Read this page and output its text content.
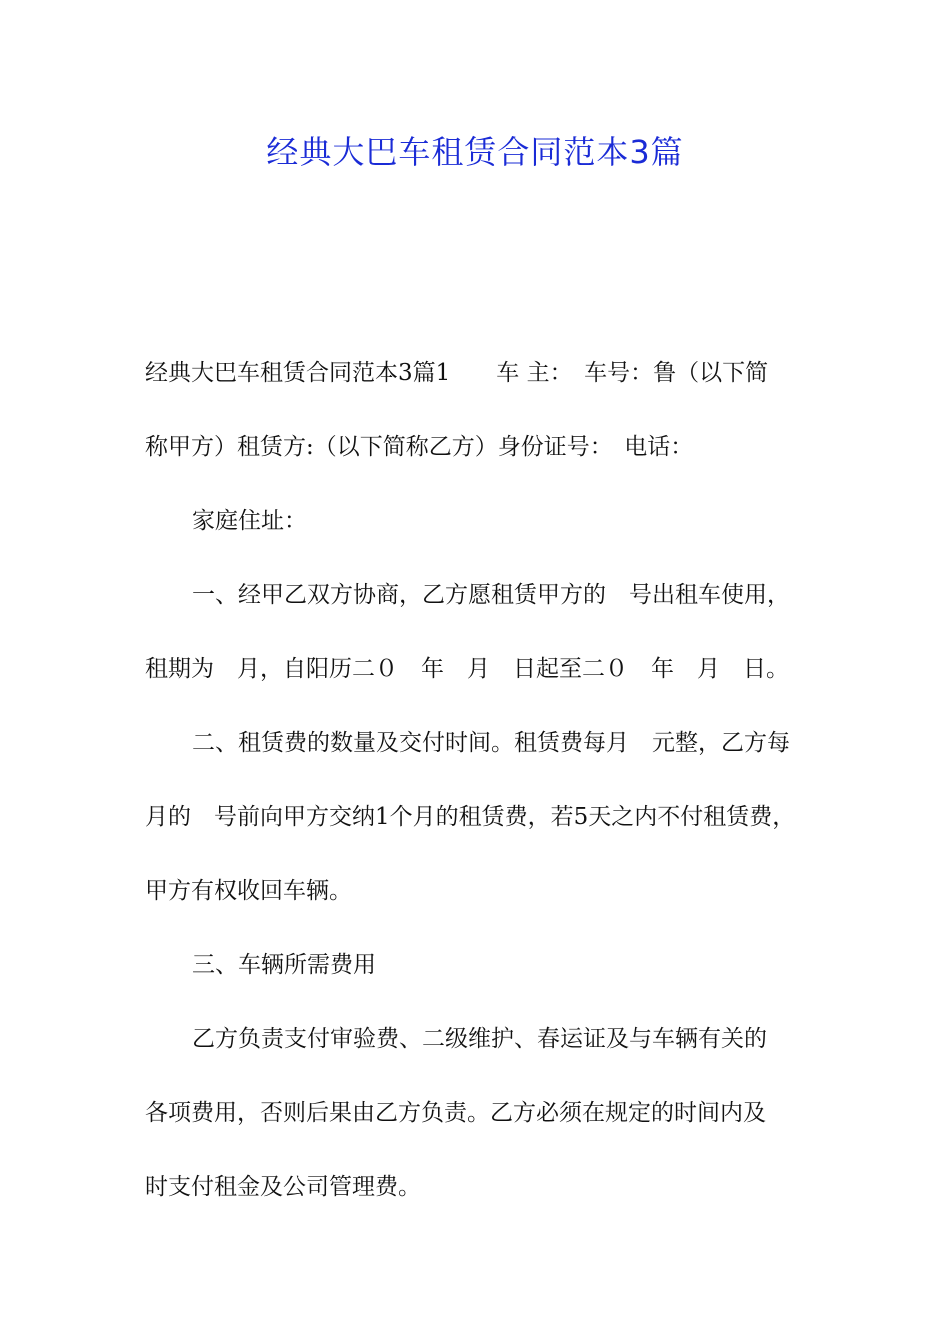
经典大巴车租赁合同范本3篇

经典大巴车租赁合同范本3篇1　　车 主：　车号：鲁（以下简

称甲方）租赁方:（以下简称乙方）身份证号：　电话：

家庭住址：

一、经甲乙双方协商，乙方愿租赁甲方的　号出租车使用，

租期为　月，自阳历二０　年　月　日起至二０　年　月　日。

二、租赁费的数量及交付时间。租赁费每月　元整，乙方每

月的　号前向甲方交纳1个月的租赁费，若5天之内不付租赁费，

甲方有权收回车辆。

三、车辆所需费用

乙方负责支付审验费、二级维护、春运证及与车辆有关的

各项费用，否则后果由乙方负责。乙方必须在规定的时间内及

时支付租金及公司管理费。
